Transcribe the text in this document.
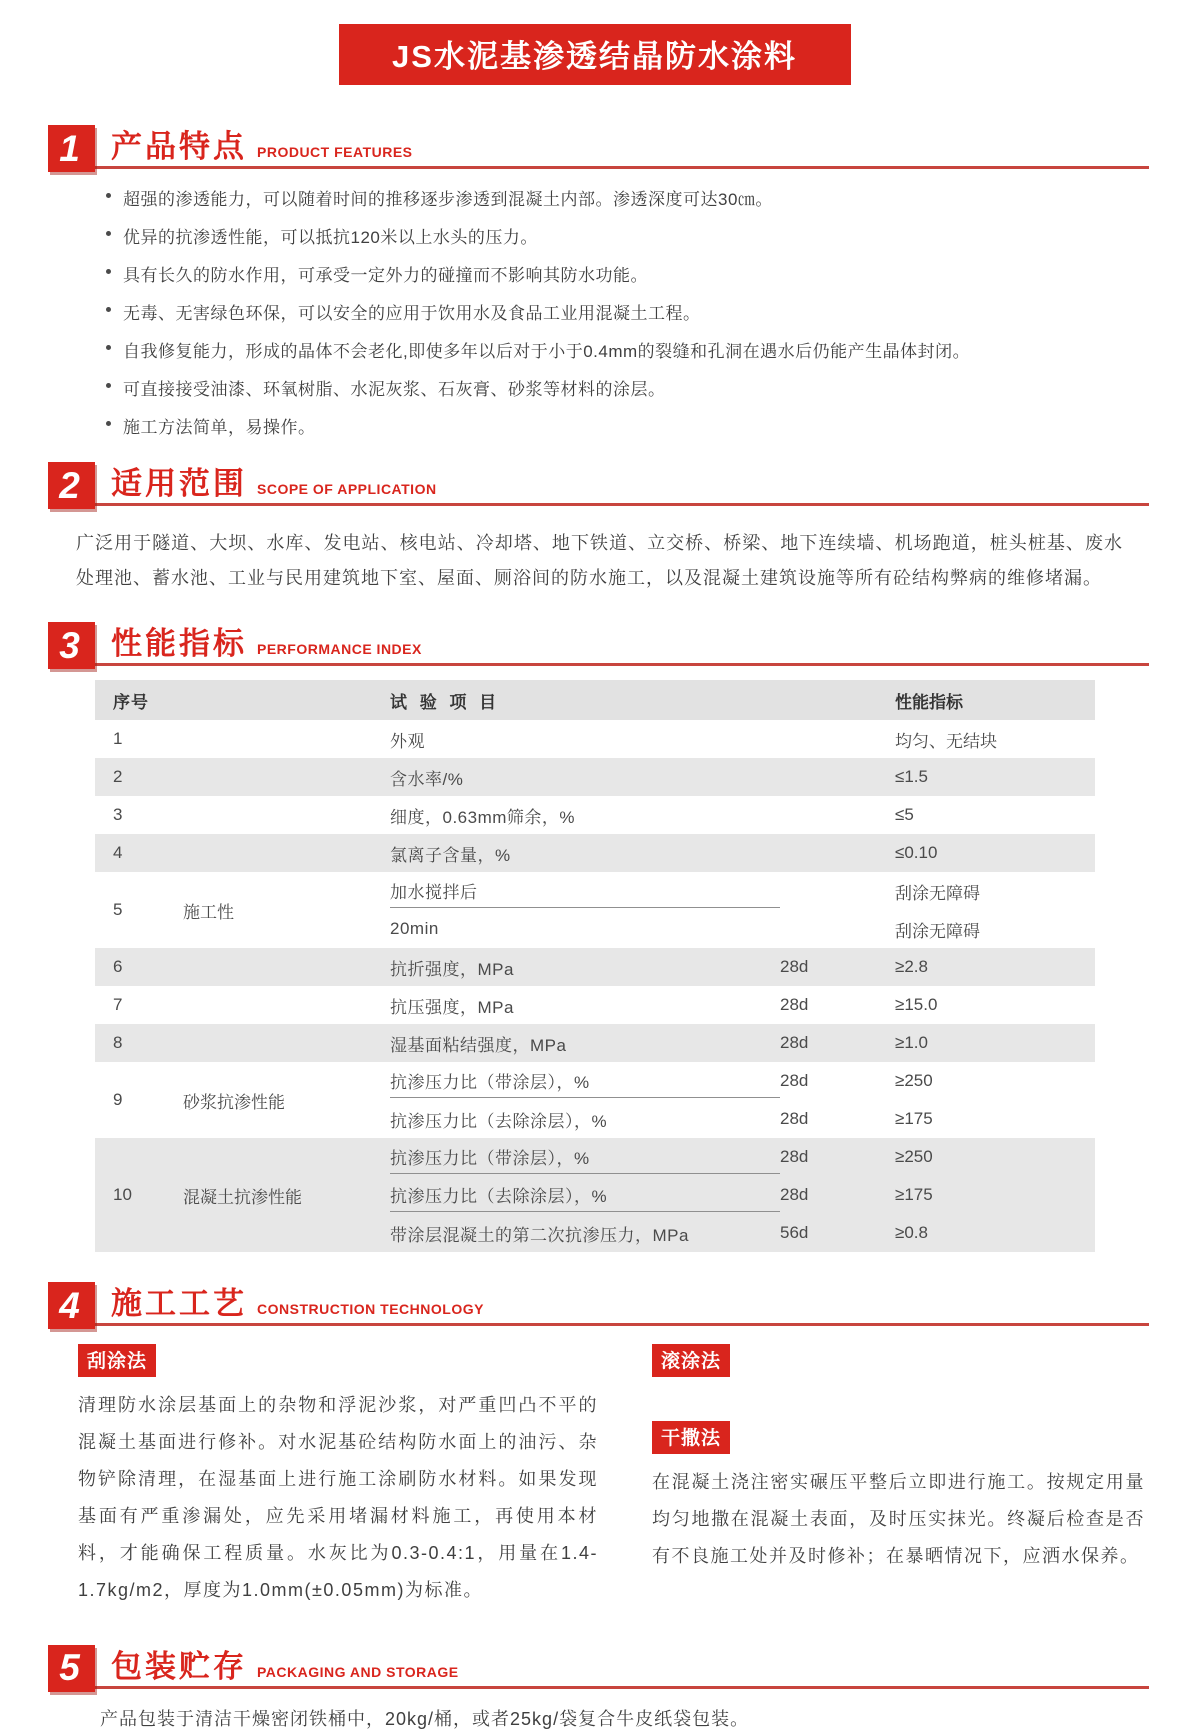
JS水泥基渗透结晶防水涂料
1	产品特点 PRODUCT FEATURES
超强的渗透能力，可以随着时间的推移逐步渗透到混凝土内部。渗透深度可达30㎝。
优异的抗渗透性能，可以抵抗120米以上水头的压力。
具有长久的防水作用，可承受一定外力的碰撞而不影响其防水功能。
无毒、无害绿色环保，可以安全的应用于饮用水及食品工业用混凝土工程。
自我修复能力，形成的晶体不会老化,即使多年以后对于小于0.4mm的裂缝和孔洞在遇水后仍能产生晶体封闭。
可直接接受油漆、环氧树脂、水泥灰浆、石灰膏、砂浆等材料的涂层。
施工方法简单，易操作。
2	适用范围 SCOPE OF APPLICATION

广泛用于隧道、大坝、水库、发电站、核电站、冷却塔、地下铁道、立交桥、桥梁、地下连续墙、机场跑道，桩头桩基、废水处理池、蓄水池、工业与民用建筑地下室、屋面、厕浴间的防水施工，以及混凝土建筑设施等所有砼结构弊病的维修堵漏。

3	性能指标 PERFORMANCE INDEX
序号	试 验 项 目	性能指标
1	外观	均匀、无结块
2	含水率/%	≤1.5
3	细度，0.63mm筛余，%	≤5
4	氯离子含量，%	≤0.10
5	施工性
加水搅拌后	刮涂无障碍
20min	刮涂无障碍
6	抗折强度，MPa	28d	≥2.8
7	抗压强度，MPa	28d	≥15.0
8	湿基面粘结强度，MPa	28d	≥1.0
9	砂浆抗渗性能
抗渗压力比（带涂层），%	28d	≥250
抗渗压力比（去除涂层），%	28d	≥175
10	混凝土抗渗性能
抗渗压力比（带涂层），%	28d	≥250
抗渗压力比（去除涂层），%	28d	≥175
带涂层混凝土的第二次抗渗压力，MPa	56d	≥0.8
4	施工工艺 CONSTRUCTION TECHNOLOGY
刮涂法
清理防水涂层基面上的杂物和浮泥沙浆，对严重凹凸不平的混凝土基面进行修补。对水泥基砼结构防水面上的油污、杂物铲除清理，在湿基面上进行施工涂刷防水材料。如果发现基面有严重渗漏处，应先采用堵漏材料施工，再使用本材料，才能确保工程质量。水灰比为0.3-0.4:1，用量在1.4-1.7kg/m2，厚度为1.0mm(±0.05mm)为标准。
滚涂法
干撒法
在混凝土浇注密实碾压平整后立即进行施工。按规定用量均匀地撒在混凝土表面，及时压实抹光。终凝后检查是否有不良施工处并及时修补；在暴晒情况下，应洒水保养。
5	包装贮存 PACKAGING AND STORAGE

产品包装于清洁干燥密闭铁桶中，20kg/桶，或者25kg/袋复合牛皮纸袋包装。
